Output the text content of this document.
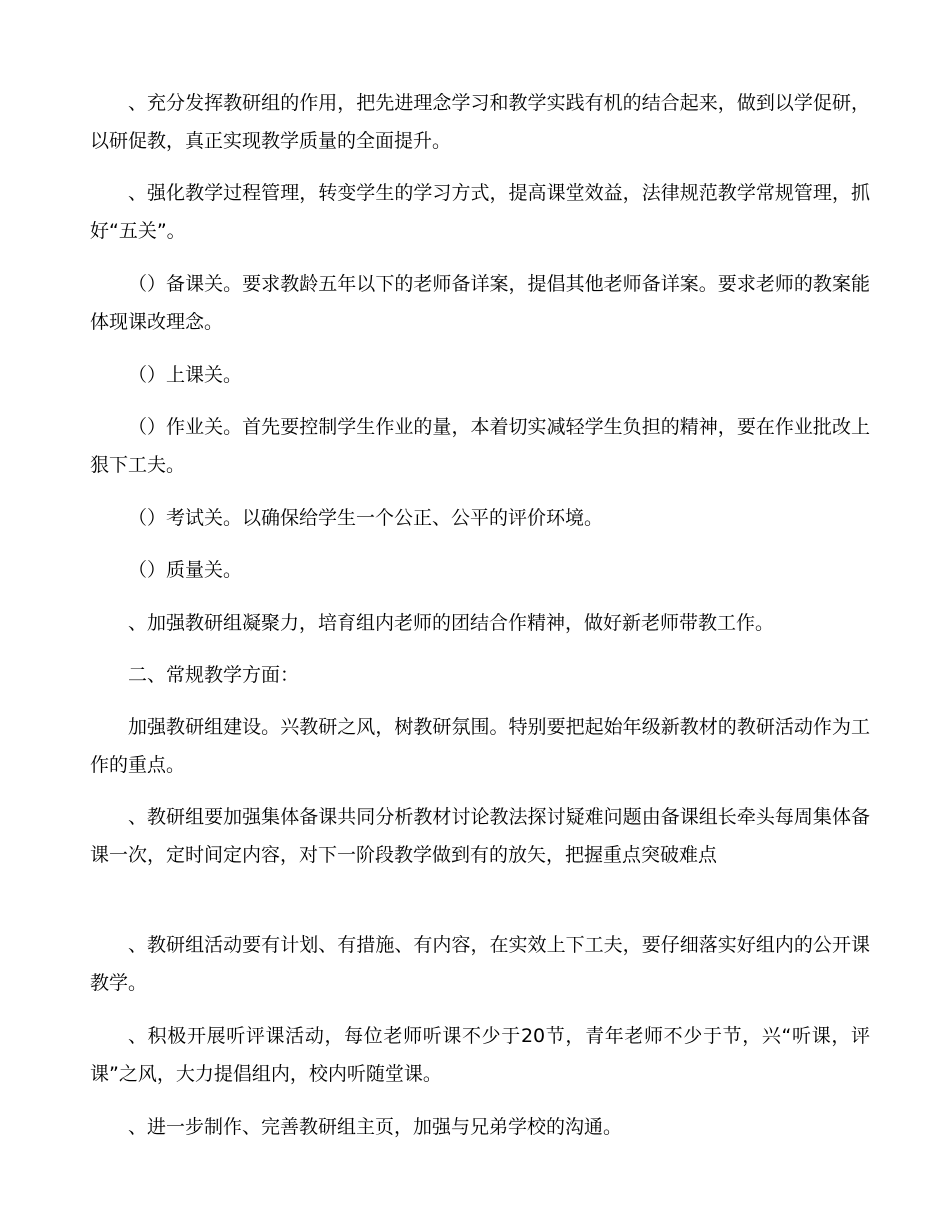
、充分发挥教研组的作用，把先进理念学习和教学实践有机的结合起来，做到以学促研，以研促教，真正实现教学质量的全面提升。

、强化教学过程管理，转变学生的学习方式，提高课堂效益，法律规范教学常规管理，抓好“五关”。

（）备课关。要求教龄五年以下的老师备详案，提倡其他老师备详案。要求老师的教案能体现课改理念。

（）上课关。

（）作业关。首先要控制学生作业的量，本着切实减轻学生负担的精神，要在作业批改上狠下工夫。

（）考试关。以确保给学生一个公正、公平的评价环境。

（）质量关。

、加强教研组凝聚力，培育组内老师的团结合作精神，做好新老师带教工作。

二、常规教学方面：

加强教研组建设。兴教研之风，树教研氛围。特别要把起始年级新教材的教研活动作为工作的重点。

、教研组要加强集体备课共同分析教材讨论教法探讨疑难问题由备课组长牵头每周集体备课一次，定时间定内容，对下一阶段教学做到有的放矢，把握重点突破难点

、教研组活动要有计划、有措施、有内容，在实效上下工夫，要仔细落实好组内的公开课教学。

、积极开展听评课活动，每位老师听课不少于20节，青年老师不少于节，兴“听课，评课”之风，大力提倡组内，校内听随堂课。

、进一步制作、完善教研组主页，加强与兄弟学校的沟通。
